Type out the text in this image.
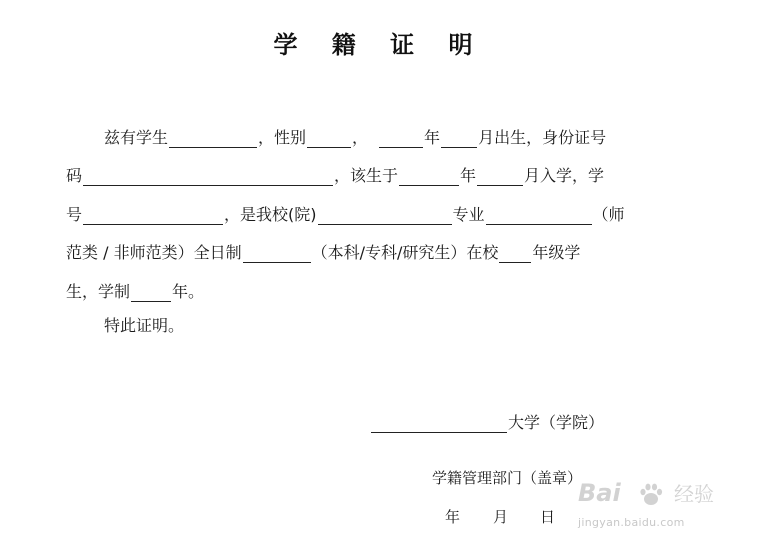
学 籍 证 明
兹有学生	，性别	，	年 月出生，身份证号
码	，该生于	年	月入学，学
号	，是我校(院)	专业	（师
范类 / 非师范类）全日制	（本科/专科/研究生）在校 年级学
生，学制	年。
特此证明。
大学（学院）
学籍管理部门（盖章）
年 月 日
Bai	经验
jingyan.baidu.com
